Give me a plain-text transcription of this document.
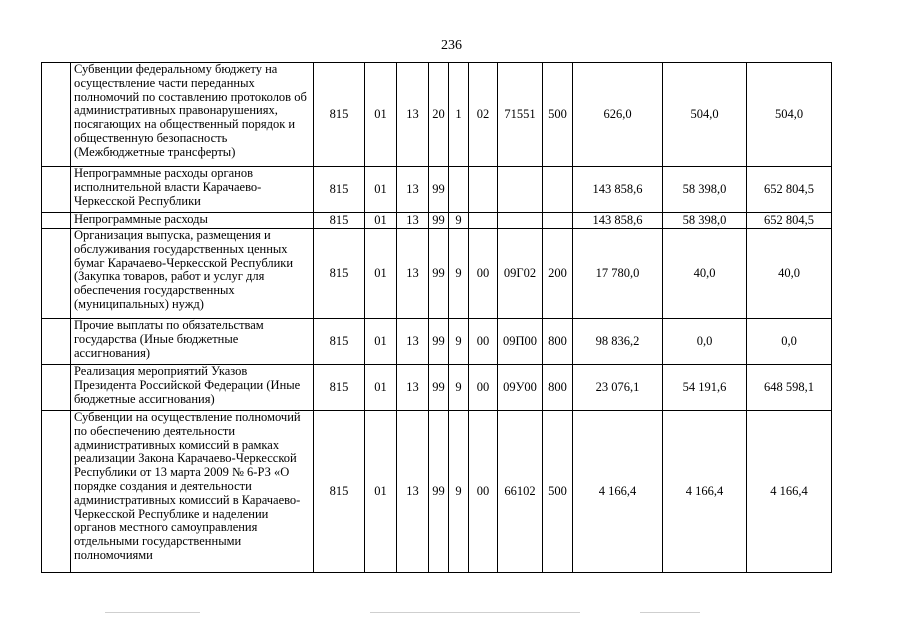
236
	Субвенции федеральному бюджету на осуществление части переданных полномочий по составлению протоколов об административных правонарушениях, посягающих на общественный порядок и общественную безопасность (Межбюджетные трансферты)	815	01	13	20	1	02	71551	500	626,0	504,0	504,0
	Непрограммные расходы органов исполнительной власти Карачаево-Черкесской Республики	815	01	13	99					143 858,6	58 398,0	652 804,5
	Непрограммные расходы	815	01	13	99	9				143 858,6	58 398,0	652 804,5
	Организация выпуска, размещения и обслуживания государственных ценных бумаг Карачаево-Черкесской Республики (Закупка товаров, работ и услуг для обеспечения государственных (муниципальных) нужд)	815	01	13	99	9	00	09Г02	200	17 780,0	40,0	40,0
	Прочие выплаты по обязательствам государства (Иные бюджетные ассигнования)	815	01	13	99	9	00	09П00	800	98 836,2	0,0	0,0
	Реализация мероприятий Указов Президента Российской Федерации (Иные бюджетные ассигнования)	815	01	13	99	9	00	09У00	800	23 076,1	54 191,6	648 598,1
	Субвенции на осуществление полномочий по обеспечению деятельности административных комиссий в рамках реализации Закона Карачаево-Черкесской Республики от 13 марта 2009 № 6-РЗ «О порядке создания и деятельности административных комиссий в Карачаево-Черкесской Республике и наделении органов местного самоуправления отдельными государственными полномочиями	815	01	13	99	9	00	66102	500	4 166,4	4 166,4	4 166,4
